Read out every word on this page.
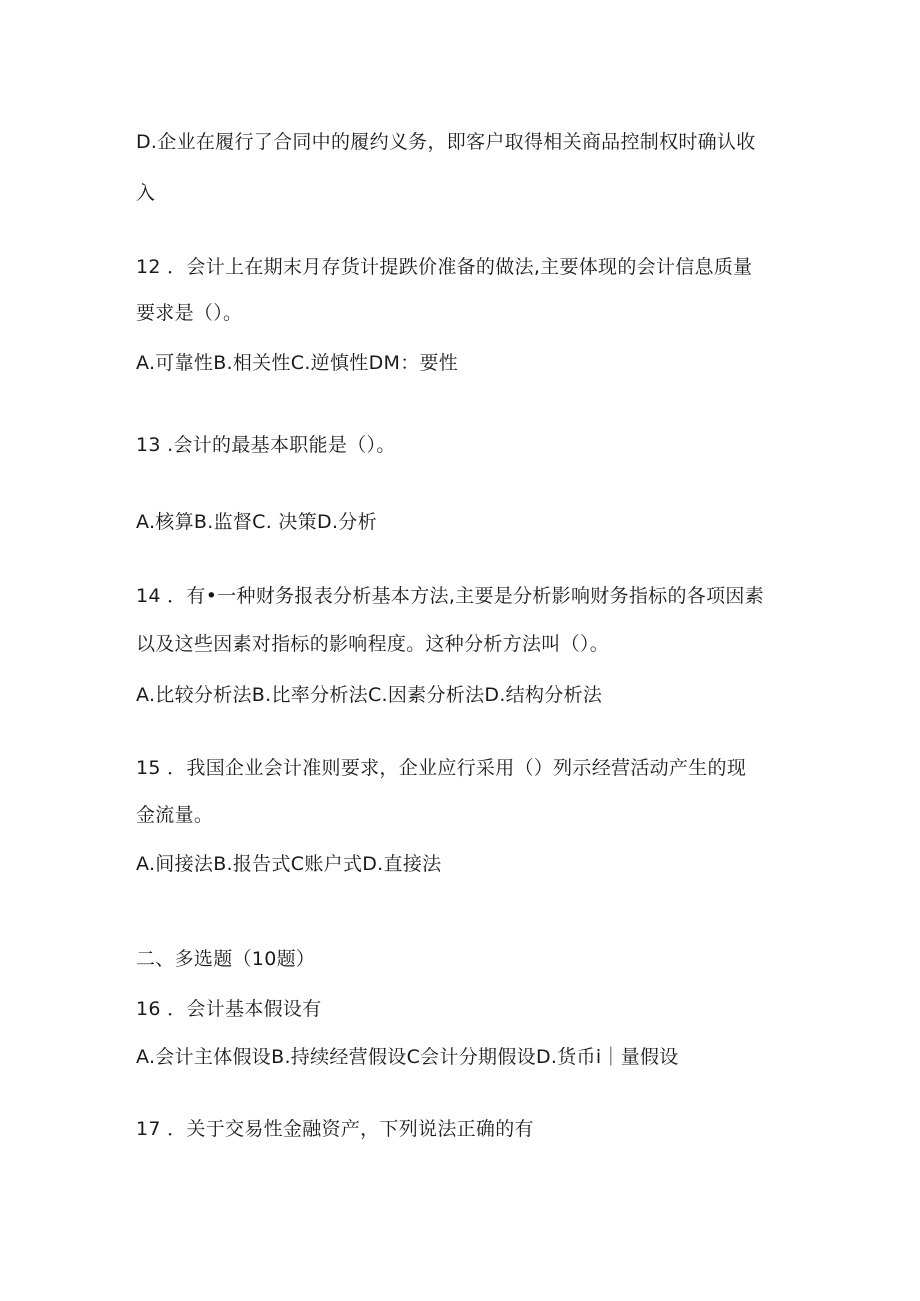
D.企业在履行了合同中的履约义务，即客户取得相关商品控制权时确认收
入
12 ．会计上在期末月存货计提跌价准备的做法,主要体现的会计信息质量
要求是（）。
A.可靠性B.相关性C.逆慎性DM：要性
13 .会计的最基本职能是（）。
A.核算B.监督C. 决策D.分析
14 ．有•一种财务报表分析基本方法,主要是分析影响财务指标的各项因素
以及这些因素对指标的影响程度。这种分析方法叫（）。
A.比较分析法B.比率分析法C.因素分析法D.结构分析法
15 ．我国企业会计准则要求，企业应行采用（）列示经营活动产生的现
金流量。
A.间接法B.报告式C账户式D.直接法
二、多选题（10题）
16 ．会计基本假设有
A.会计主体假设B.持续经营假设C会计分期假设D.货币i｜量假设
17 ．关于交易性金融资产，下列说法正确的有
